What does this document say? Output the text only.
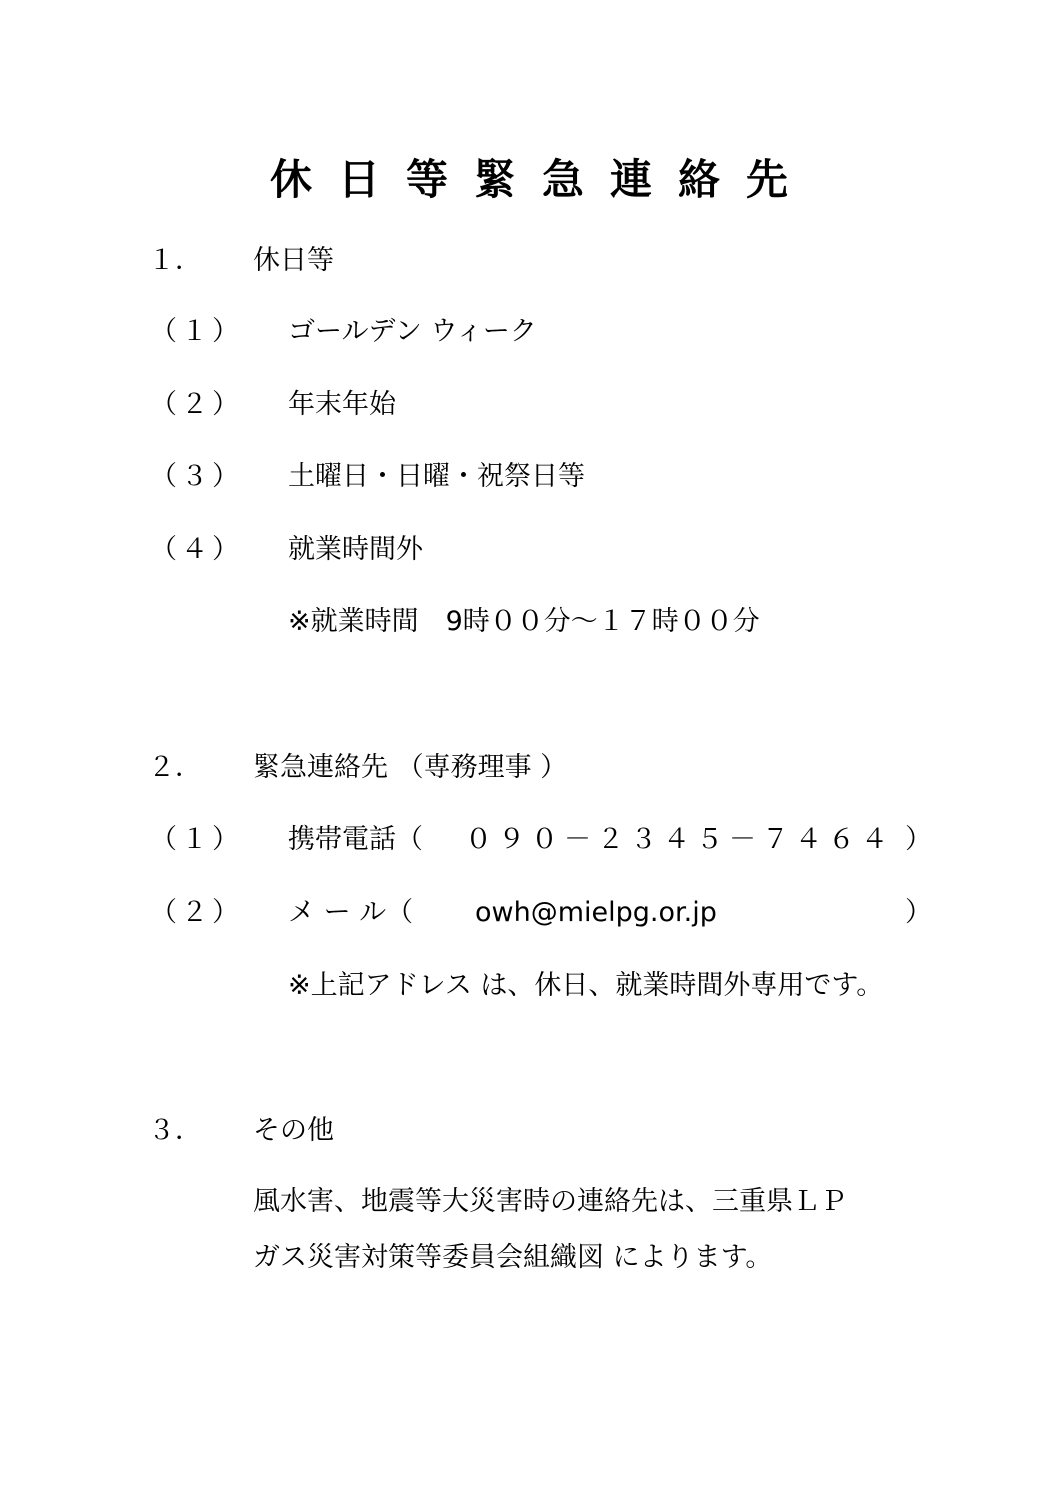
休日等緊急連絡先
１． 休日等
（１） ゴールデン ウィーク
（２） 年末年始
（３） 土曜日・日曜・祝祭日等
（４） 就業時間外
※就業時間　9時００分～１７時００分
２． 緊急連絡先 （専務理事 ）
（１） 携帯電話（ ０９０－２３４５－７４６４ ）
（２） メ ー ル（ owh@mielpg.or.jp	）
※上記アドレス は、休日、就業時間外専用です。
３． その他
風水害、地震等大災害時の連絡先は、三重県ＬＰ
ガス災害対策等委員会組織図 によります。
